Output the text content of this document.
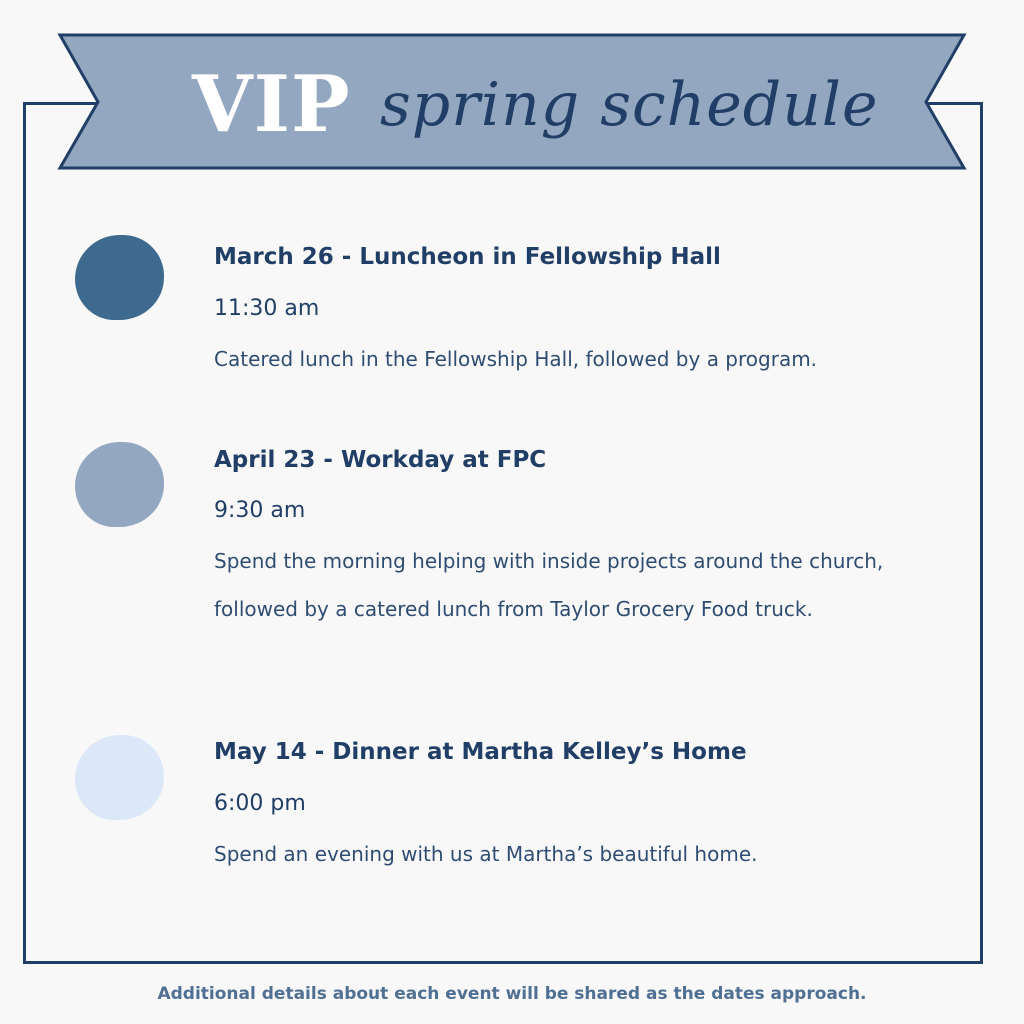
VIP spring schedule
March 26 - Luncheon in Fellowship Hall
11:30 am

Catered lunch in the Fellowship Hall, followed by a program.

April 23 - Workday at FPC
9:30 am

Spend the morning helping with inside projects around the church, followed by a catered lunch from Taylor Grocery Food truck.

May 14 - Dinner at Martha Kelley’s Home
6:00 pm

Spend an evening with us at Martha’s beautiful home.

Additional details about each event will be shared as the dates approach.
